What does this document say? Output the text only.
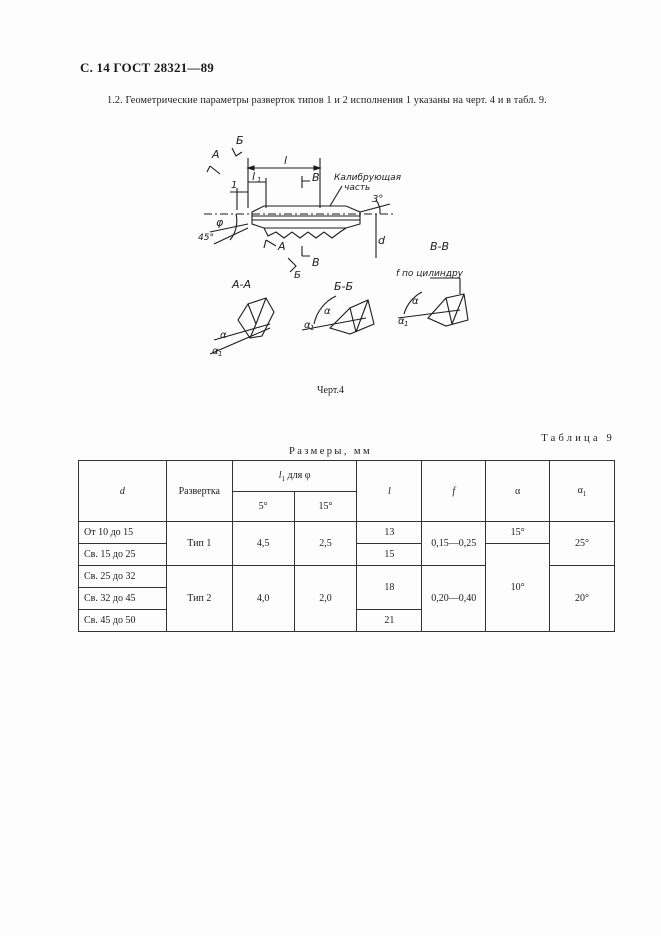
С. 14 ГОСТ 28321—89
1.2. Геометрические параметры разверток типов 1 и 2 исполнения 1 указаны на черт. 4 и в табл. 9.
А
Б
l
l 1
1
В Калибрующая
часть
3°
φ
45°	d
А
Б
В
А-А	Б-Б
В-В
f по цилиндру
α
α 1
α
α 1
α
α 1
Черт.4
Таблица 9
Размеры, мм
d	Развертка	$l_1$ для φ		l	f	α	$\alpha_1$
		5°	15°				
От 10 до 15	Тип 1	4,5	2,5	13	0,15—0,25	15°	25°
Св. 15 до 25				15		10°	
Св. 25 до 32	Тип 2	4,0	2,0	18	0,20—0,40		20°
Св. 32 до 45							
Св. 45 до 50				21			
